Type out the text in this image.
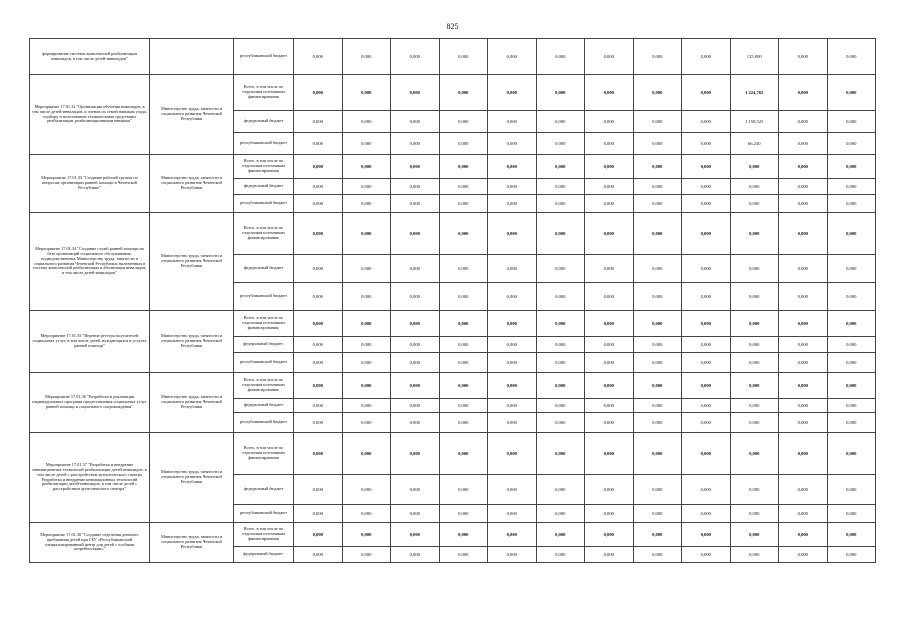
825
формирование системы комплексной реабилитации инвалидов, в том числе детей-инвалидов"		республиканский бюджет	0,000	0,000	0,000	0,000	0,000	0,000	0,000	0,000	0,000	125,000	0,000	0,000
Мероприятие 17.01.32 "Организация обучения инвалидов, в том числе детей-инвалидов, и членов их семей навыкам ухода, подбору и пользованию техническими средствами реабилитации, реабилитационными навыкам"	Министерство труда, занятости и социального развития Чеченской Республики	Всего, в том числе по отдельным источникам финансирования	0,000	0,000	0,000	0,000	0,000	0,000	0,000	0,000	0,000	1 224,765	0,000	0,000
		федеральный бюджет	0,000	0,000	0,000	0,000	0,000	0,000	0,000	0,000	0,000	1 158,525	0,000	0,000
		республиканский бюджет	0,000	0,000	0,000	0,000	0,000	0,000	0,000	0,000	0,000	66,240	0,000	0,000
Мероприятие 17.01.33 "Создание рабочей группы по вопросам организации ранней помощи в Чеченской Республике"	Министерство труда, занятости и социального развития Чеченской Республики	Всего, в том числе по отдельным источникам финансирования	0,000	0,000	0,000	0,000	0,000	0,000	0,000	0,000	0,000	0,000	0,000	0,000
		федеральный бюджет	0,000	0,000	0,000	0,000	0,000	0,000	0,000	0,000	0,000	0,000	0,000	0,000
		республиканский бюджет	0,000	0,000	0,000	0,000	0,000	0,000	0,000	0,000	0,000	0,000	0,000	0,000
Мероприятие 17.01.34 "Создание служб ранней помощи на базе организаций социального обслуживания, подведомственных Министерству труда, занятости и социального развития Чеченской Республики, включенных в систему комплексной реабилитации и абилитации инвалидов, в том числе детей-инвалидов"	Министерство труда, занятости и социального развития Чеченской Республики	Всего, в том числе по отдельным источникам финансирования:	0,000	0,000	0,000	0,000	0,000	0,000	0,000	0,000	0,000	0,000	0,000	0,000
		федеральный бюджет	0,000	0,000	0,000	0,000	0,000	0,000	0,000	0,000	0,000	0,000	0,000	0,000
		республиканский бюджет	0,000	0,000	0,000	0,000	0,000	0,000	0,000	0,000	0,000	0,000	0,000	0,000
Мероприятие 17.01.35 "Ведение реестра получателей социальных услуг, в том числе детей, нуждающихся в услугах ранней помощи"	Министерство труда, занятости и социального развития Чеченской Республики	Всего, в том числе по отдельным источникам финансирования:	0,000	0,000	0,000	0,000	0,000	0,000	0,000	0,000	0,000	0,000	0,000	0,000
		федеральный бюджет:	0,000	0,000	0,000	0,000	0,000	0,000	0,000	0,000	0,000	0,000	0,000	0,000
		республиканский бюджет	0,000	0,000	0,000	0,000	0,000	0,000	0,000	0,000	0,000	0,000	0,000	0,000
Мероприятие 17.01.36 "Разработка и реализация индивидуальных программ предоставления социальных услуг ранней помощи и социального сопровождения"	Министерство труда, занятости и социального развития Чеченской Республики	Всего, в том числе по отдельным источникам финансирования:	0,000	0,000	0,000	0,000	0,000	0,000	0,000	0,000	0,000	0,000	0,000	0,000
		федеральный бюджет	0,000	0,000	0,000	0,000	0,000	0,000	0,000	0,000	0,000	0,000	0,000	0,000
		республиканский бюджет	0,000	0,000	0,000	0,000	0,000	0,000	0,000	0,000	0,000	0,000	0,000	0,000
Мероприятие 17.01.37 "Разработка и внедрение инновационных технологий реабилитации детей-инвалидов, в том числе детей с расстройством аутистического спектра Разработка и внедрение инновационных технологий реабилитации детей-инвалидов, в том числе детей с расстройством аутистического спектра"	Министерство труда, занятости и социального развития Чеченской Республики	Всего, в том числе по отдельным источникам финансирования	0,000	0,000	0,000	0,000	0,000	0,000	0,000	0,000	0,000	0,000	0,000	0,000
		федеральный бюджет	0,000	0,000	0,000	0,000	0,000	0,000	0,000	0,000	0,000	0,000	0,000	0,000
		республиканский бюджет	0,000	0,000	0,000	0,000	0,000	0,000	0,000	0,000	0,000	0,000	0,000	0,000
Мероприятие 17.01.38 "Создание отделения дневного пребывания детей при ГБУ «Республиканский специализированный центр для детей с особыми потребностями»"	Министерство труда, занятости и социального развития Чеченской Республики	Всего, в том числе по отдельным источникам финансирования	0,000	0,000	0,000	0,000	0,000	0,000	0,000	0,000	0,000	0,000	0,000	0,000
		федеральный бюджет:	0,000	0,000	0,000	0,000	0,000	0,000	0,000	0,000	0,000	0,000	0,000	0,000
